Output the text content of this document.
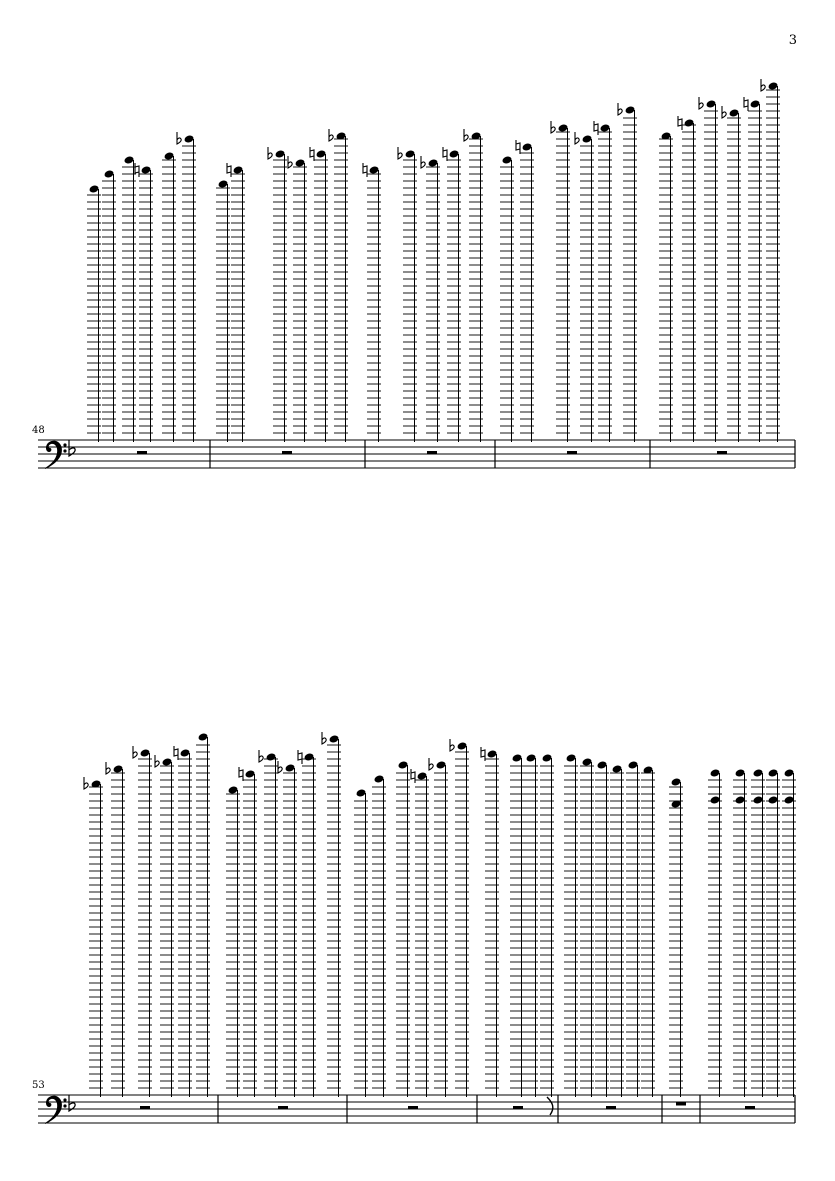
3
48
53
